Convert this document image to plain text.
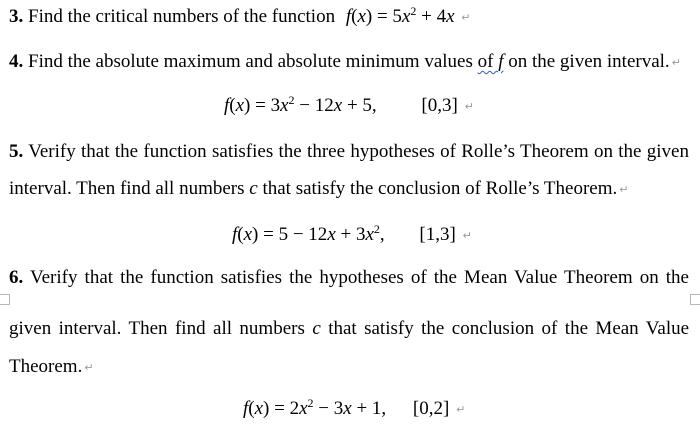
3. Find the critical numbers of the function $f(x) = 5x^2 + 4x$ ↵
4. Find the absolute maximum and absolute minimum values of f on the given interval. ↵
$f(x) = 3x^2 - 12x + 5$, [0,3] ↵
5. Verify that the function satisfies the three hypotheses of Rolle’s Theorem on the given
interval. Then find all numbers c that satisfy the conclusion of Rolle’s Theorem. ↵
$f(x) = 5 - 12x + 3x^2$, [1,3] ↵
6. Verify that the function satisfies the hypotheses of the Mean Value Theorem on the
given interval. Then find all numbers c that satisfy the conclusion of the Mean Value
Theorem. ↵
$f(x) = 2x^2 - 3x + 1$, [0,2] ↵
